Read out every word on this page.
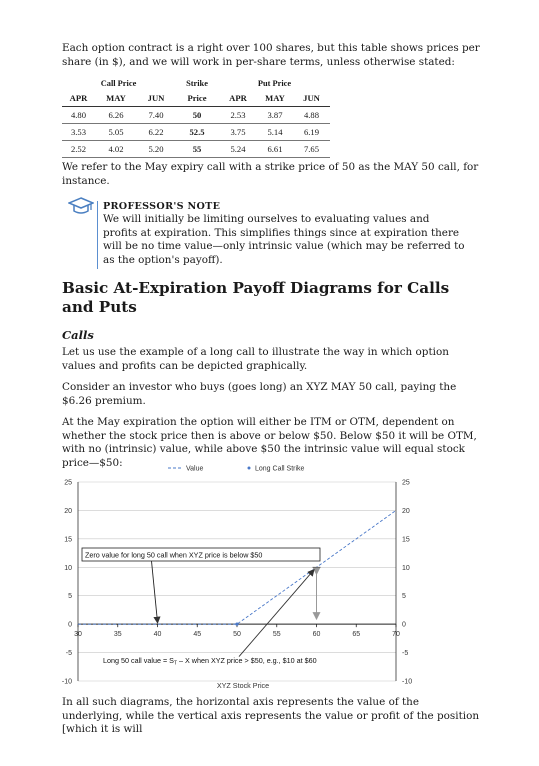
Each option contract is a right over 100 shares, but this table shows prices per share (in $), and we will work in per-share terms, unless otherwise stated:
Call Price			Strike	Put Price		
APR	MAY	JUN	Price	APR	MAY	JUN
4.80	6.26	7.40	50	2.53	3.87	4.88
3.53	5.05	6.22	52.5	3.75	5.14	6.19
2.52	4.02	5.20	55	5.24	6.61	7.65
We refer to the May expiry call with a strike price of 50 as the MAY 50 call, for instance.
PROFESSOR'S NOTE
We will initially be limiting ourselves to evaluating values and profits at expiration. This simplifies things since at expiration there will be no time value—only intrinsic value (which may be referred to as the option's payoff).
Basic At-Expiration Payoff Diagrams for Calls and Puts
Calls
Let us use the example of a long call to illustrate the way in which option values and profits can be depicted graphically.
Consider an investor who buys (goes long) an XYZ MAY 50 call, paying the $6.26 premium.
At the May expiration the option will either be ITM or OTM, dependent on whether the stock price then is above or below $50. Below $50 it will be OTM, with no (intrinsic) value, while above $50 the intrinsic value will equal stock price—$50:
25	25
20	20
15	15
10	10
5	5
0	0
-5	-5
-10	-10
30	35	40	45	50	55	60	65	70
Zero value for long 50 call when XYZ price is below $50
Long 50 call value = $S_T$ – X when XYZ price > $50, e.g., $10 at $60
Value	Long Call Strike
XYZ Stock Price
In all such diagrams, the horizontal axis represents the value of the underlying, while the vertical axis represents the value or profit of the position [which it is will
